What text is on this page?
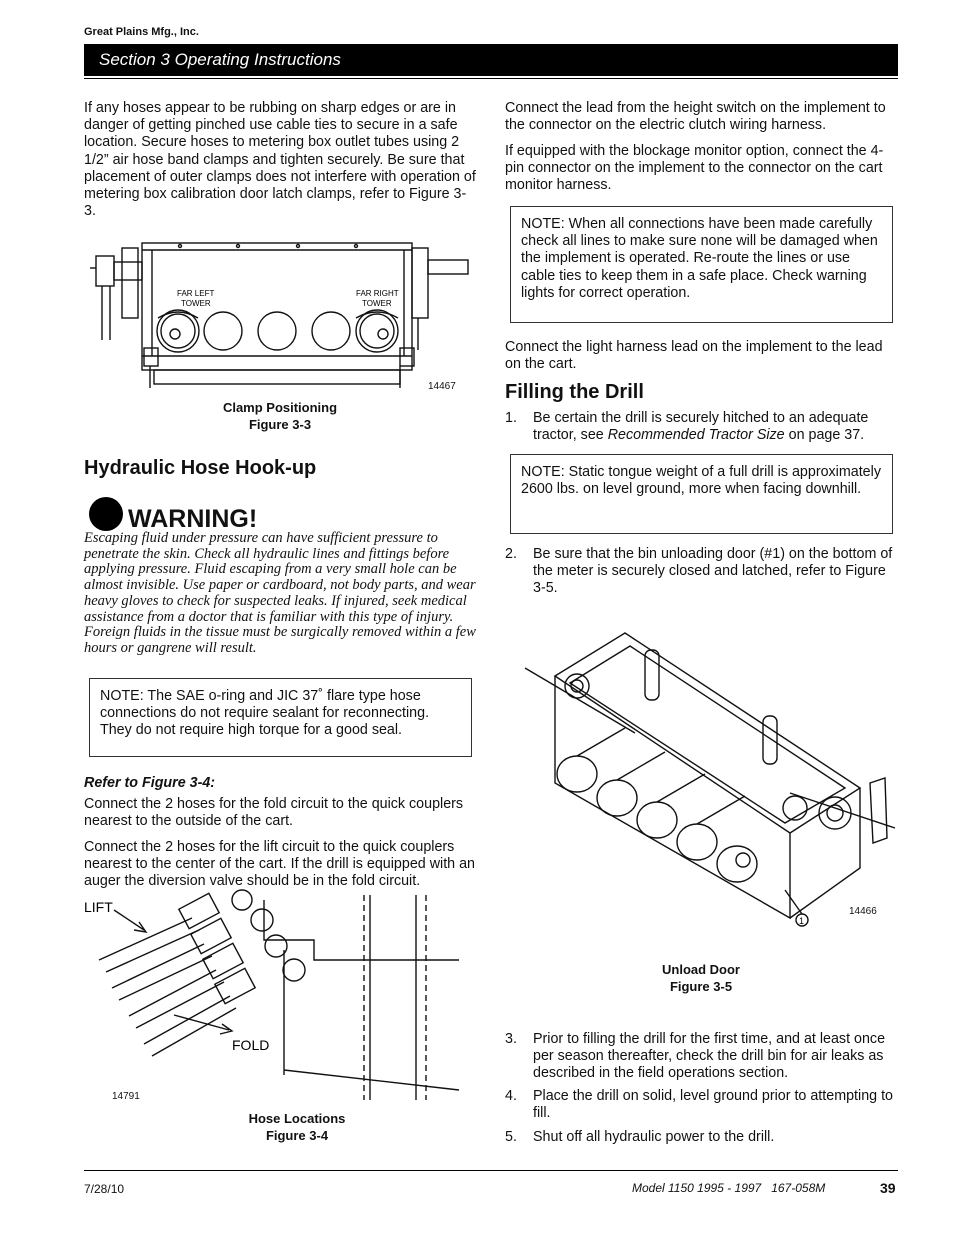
Great Plains Mfg., Inc.
Section 3 Operating Instructions

If any hoses appear to be rubbing on sharp edges or are in danger of getting pinched use cable ties to secure in a safe location. Secure hoses to metering box outlet tubes using 2 1/2” air hose band clamps and tighten securely. Be sure that placement of outer clamps does not interfere with operation of metering box calibration door latch clamps, refer to Figure 3-3.

FAR LEFT
TOWER
FAR RIGHT
TOWER
14467
Clamp Positioning
Figure 3-3
Hydraulic Hose Hook-up
WARNING!
Escaping fluid under pressure can have sufficient pressure to penetrate the skin. Check all hydraulic lines and fittings before applying pressure. Fluid escaping from a very small hole can be almost invisible. Use paper or cardboard, not body parts, and wear heavy gloves to check for suspected leaks. If injured, seek medical assistance from a doctor that is familiar with this type of injury. Foreign fluids in the tissue must be surgically removed within a few hours or gangrene will result.
NOTE: The SAE o-ring and JIC 37˚ flare type hose connections do not require sealant for reconnecting. They do not require high torque for a good seal.
Refer to Figure 3-4:

Connect the 2 hoses for the fold circuit to the quick couplers nearest to the outside of the cart.

Connect the 2 hoses for the lift circuit to the quick couplers nearest to the center of the cart. If the drill is equipped with an auger the diversion valve should be in the fold circuit.

LIFT
FOLD
14791
Hose Locations
Figure 3-4

Connect the lead from the height switch on the implement to the connector on the electric clutch wiring harness.

If equipped with the blockage monitor option, connect the 4-pin connector on the implement to the connector on the cart monitor harness.

NOTE: When all connections have been made carefully check all lines to make sure none will be damaged when the implement is operated. Re-route the lines or use cable ties to keep them in a safe place. Check warning lights for correct operation.

Connect the light harness lead on the implement to the lead on the cart.

Filling the Drill
1. Be certain the drill is securely hitched to an adequate tractor, see Recommended Tractor Size on page 37.
NOTE: Static tongue weight of a full drill is approximately 2600 lbs. on level ground, more when facing downhill.
2. Be sure that the bin unloading door (#1) on the bottom of the meter is securely closed and latched, refer to Figure 3-5.
1
14466
Unload Door
Figure 3-5
3. Prior to filling the drill for the first time, and at least once per season thereafter, check the drill bin for air leaks as described in the field operations section.
4. Place the drill on solid, level ground prior to attempting to fill.
5. Shut off all hydraulic power to the drill.
7/28/10	Model 1150 1995 - 1997   167-058M	39
